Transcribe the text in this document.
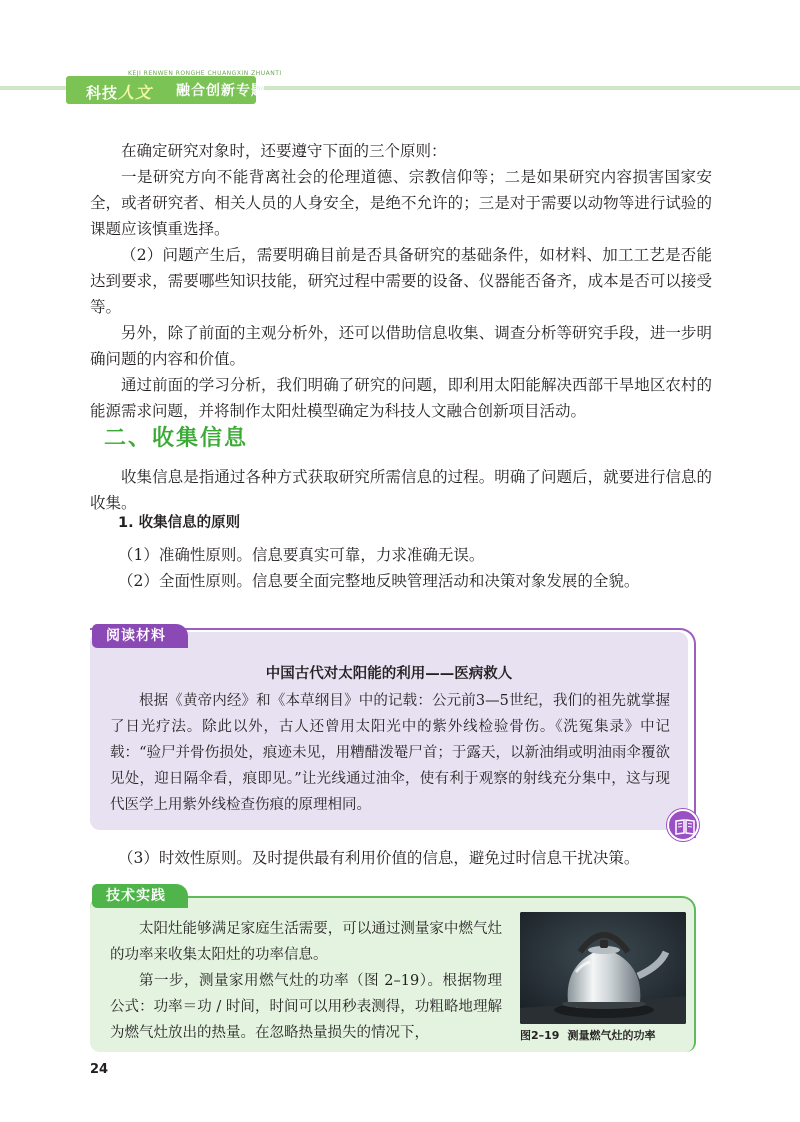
KEJI RENWEN RONGHE CHUANGXIN ZHUANTI
科技人文 融合创新专题
在确定研究对象时，还要遵守下面的三个原则：
一是研究方向不能背离社会的伦理道德、宗教信仰等；二是如果研究内容损害国家安全，或者研究者、相关人员的人身安全，是绝不允许的；三是对于需要以动物等进行试验的课题应该慎重选择。
（2）问题产生后，需要明确目前是否具备研究的基础条件，如材料、加工工艺是否能达到要求，需要哪些知识技能，研究过程中需要的设备、仪器能否备齐，成本是否可以接受等。
另外，除了前面的主观分析外，还可以借助信息收集、调查分析等研究手段，进一步明确问题的内容和价值。
通过前面的学习分析，我们明确了研究的问题，即利用太阳能解决西部干旱地区农村的能源需求问题，并将制作太阳灶模型确定为科技人文融合创新项目活动。
二、收集信息
收集信息是指通过各种方式获取研究所需信息的过程。明确了问题后，就要进行信息的收集。
1. 收集信息的原则
（1）准确性原则。信息要真实可靠，力求准确无误。
（2）全面性原则。信息要全面完整地反映管理活动和决策对象发展的全貌。
阅读材料
中国古代对太阳能的利用——医病救人
根据《黄帝内经》和《本草纲目》中的记载：公元前3—5世纪，我们的祖先就掌握了日光疗法。除此以外，古人还曾用太阳光中的紫外线检验骨伤。《洗冤集录》中记载：“验尸并骨伤损处，痕迹未见，用糟醋泼罨尸首；于露天，以新油绢或明油雨伞覆欲见处，迎日隔伞看，痕即见。”让光线通过油伞，使有利于观察的射线充分集中，这与现代医学上用紫外线检查伤痕的原理相同。
（3）时效性原则。及时提供最有利用价值的信息，避免过时信息干扰决策。
技术实践
太阳灶能够满足家庭生活需要，可以通过测量家中燃气灶的功率来收集太阳灶的功率信息。
第一步，测量家用燃气灶的功率（图 2–19）。根据物理公式：功率＝功 / 时间，时间可以用秒表测得，功粗略地理解为燃气灶放出的热量。在忽略热量损失的情况下，	图2–19 测量燃气灶的功率
24
